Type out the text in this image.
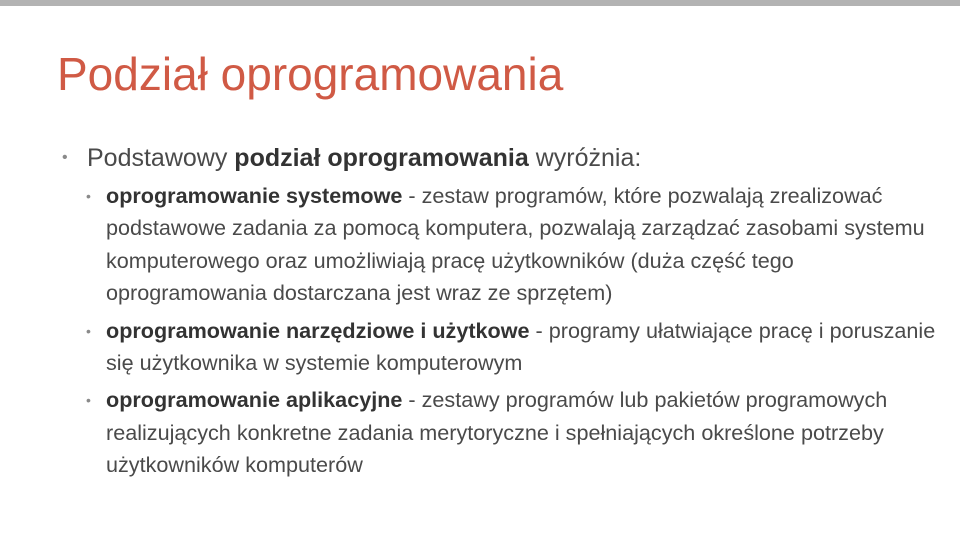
Podział oprogramowania
• Podstawowy podział oprogramowania wyróżnia:
• oprogramowanie systemowe - zestaw programów, które pozwalają zrealizować podstawowe zadania za pomocą komputera, pozwalają zarządzać zasobami systemu komputerowego oraz umożliwiają pracę użytkowników (duża część tego oprogramowania dostarczana jest wraz ze sprzętem)
• oprogramowanie narzędziowe i użytkowe - programy ułatwiające pracę i poruszanie się użytkownika w systemie komputerowym
• oprogramowanie aplikacyjne - zestawy programów lub pakietów programowych realizujących konkretne zadania merytoryczne i spełniających określone potrzeby użytkowników komputerów
